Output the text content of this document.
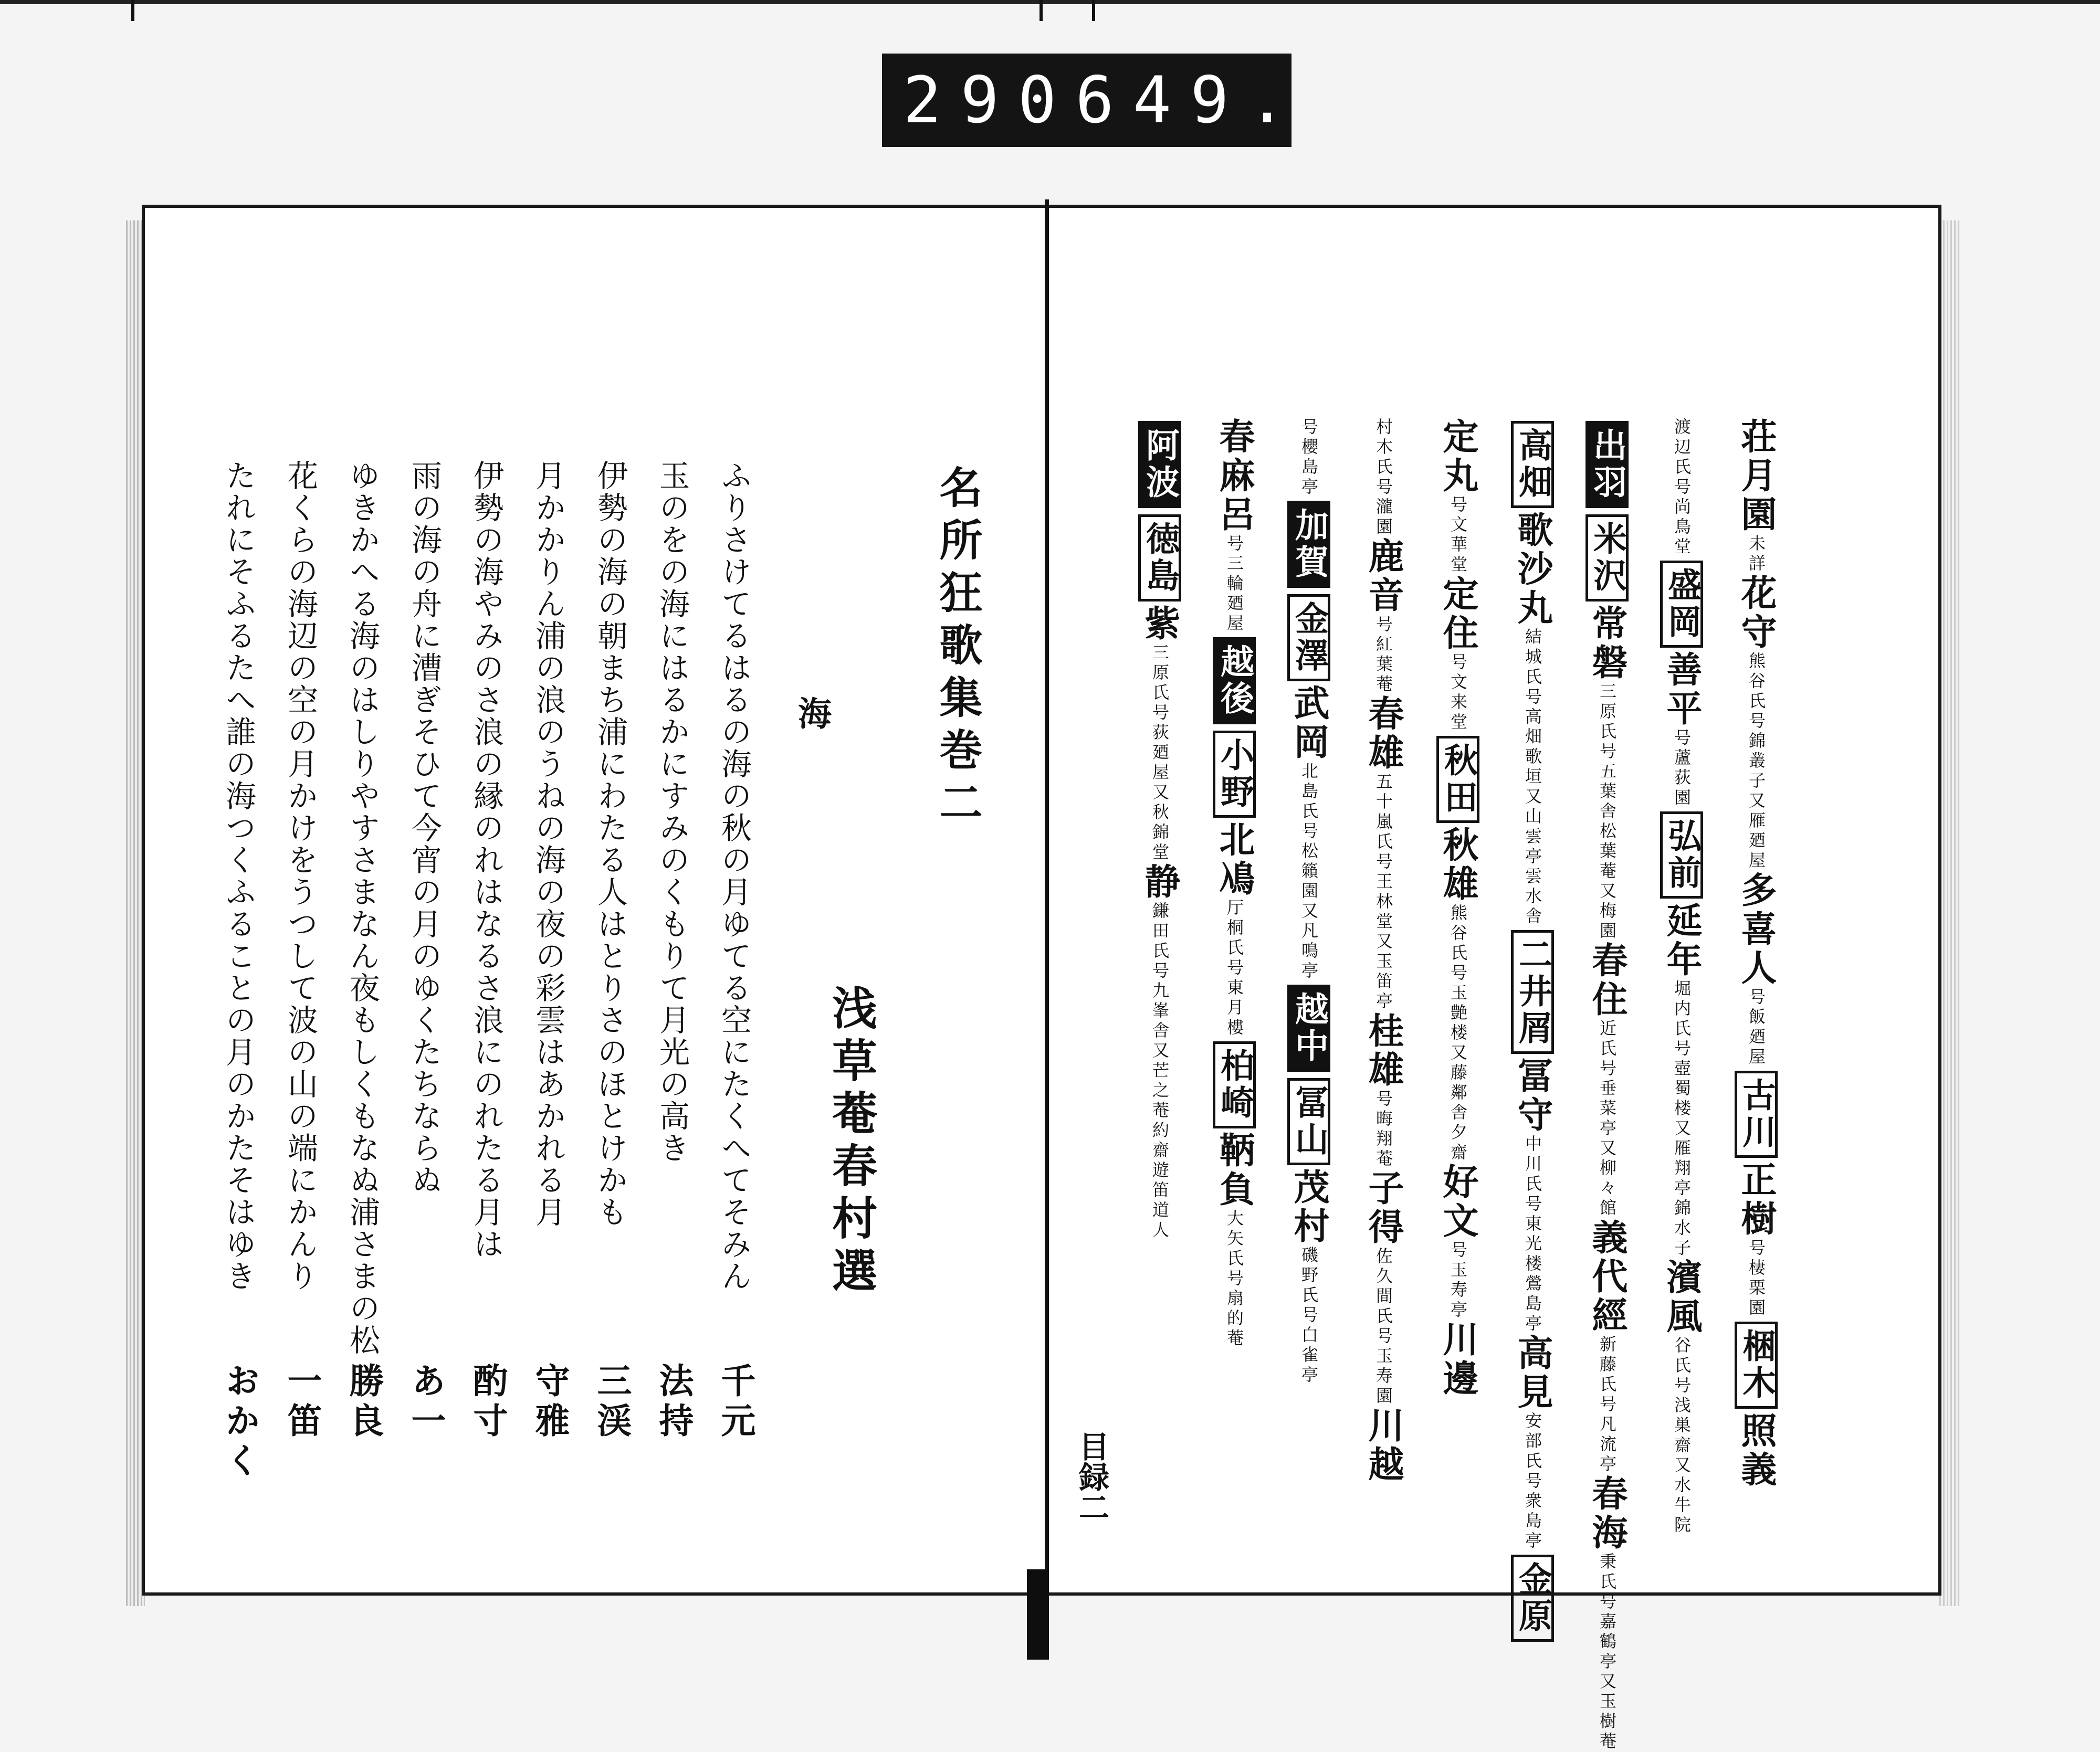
290 649.
名所狂歌集巻二
海
浅草菴春村選
ふりさけてるはるの海の秋の月ゆてる空にたくへてそみん
千元
玉のをの海にはるかにすみのくもりて月光の高き
法持
伊勢の海の朝まち浦にわたる人はとりさのほとけかも
三渓
月かかりん浦の浪のうねの海の夜の彩雲はあかれる月
守雅
伊勢の海やみのさ浪の縁のれはなるさ浪にのれたる月は
酌寸
雨の海の舟に漕ぎそひて今宵の月のゆくたちならぬ
あ一
ゆきかへる海のはしりやすさまなん夜もしくもなぬ浦さまの松
勝良
花くらの海辺の空の月かけをうつして波の山の端にかんり
一笛
たれにそふるたへ誰の海つくふることの月のかたそはゆき
おかく
荘月園未詳花守熊谷氏号錦叢子又雁廼屋多喜人号飯廼屋古川正樹号棲栗園梱木照義
渡辺氏号尚鳥堂盛岡善平号蘆荻園弘前延年堀内氏号壺蜀楼又雁翔亭錦水子濱風谷氏号浅巣齋又水牛院
出羽米沢常磐三原氏号五葉舎松葉菴又梅園春住近氏号垂菜亭又柳々館義代經新藤氏号凡流亭春海秉氏号嘉鶴亭又玉樹菴
高畑歌沙丸結城氏号高畑歌垣又山雲亭雲水舎二井屑冨守中川氏号東光楼鶯島亭高見安部氏号衆島亭金原
定丸号文華堂定住号文来堂秋田秋雄熊谷氏号玉艶楼又藤鄰舎夕齋好文号玉寿亭川邊
村木氏号瀧園鹿音号紅葉菴春雄五十嵐氏号王林堂又玉笛亭桂雄号晦翔菴子得佐久間氏号玉寿園川越
号櫻島亭加賀金澤武岡北島氏号松籟園又凡鳴亭越中冨山茂村磯野氏号白雀亭
春麻呂号三輪廼屋越後小野北鳰厅桐氏号東月樓柏崎鞆負大矢氏号扇的菴
阿波徳島紫三原氏号荻廼屋又秋錦堂静鎌田氏号九峯舎又芒之菴約齋遊笛道人
目録二
